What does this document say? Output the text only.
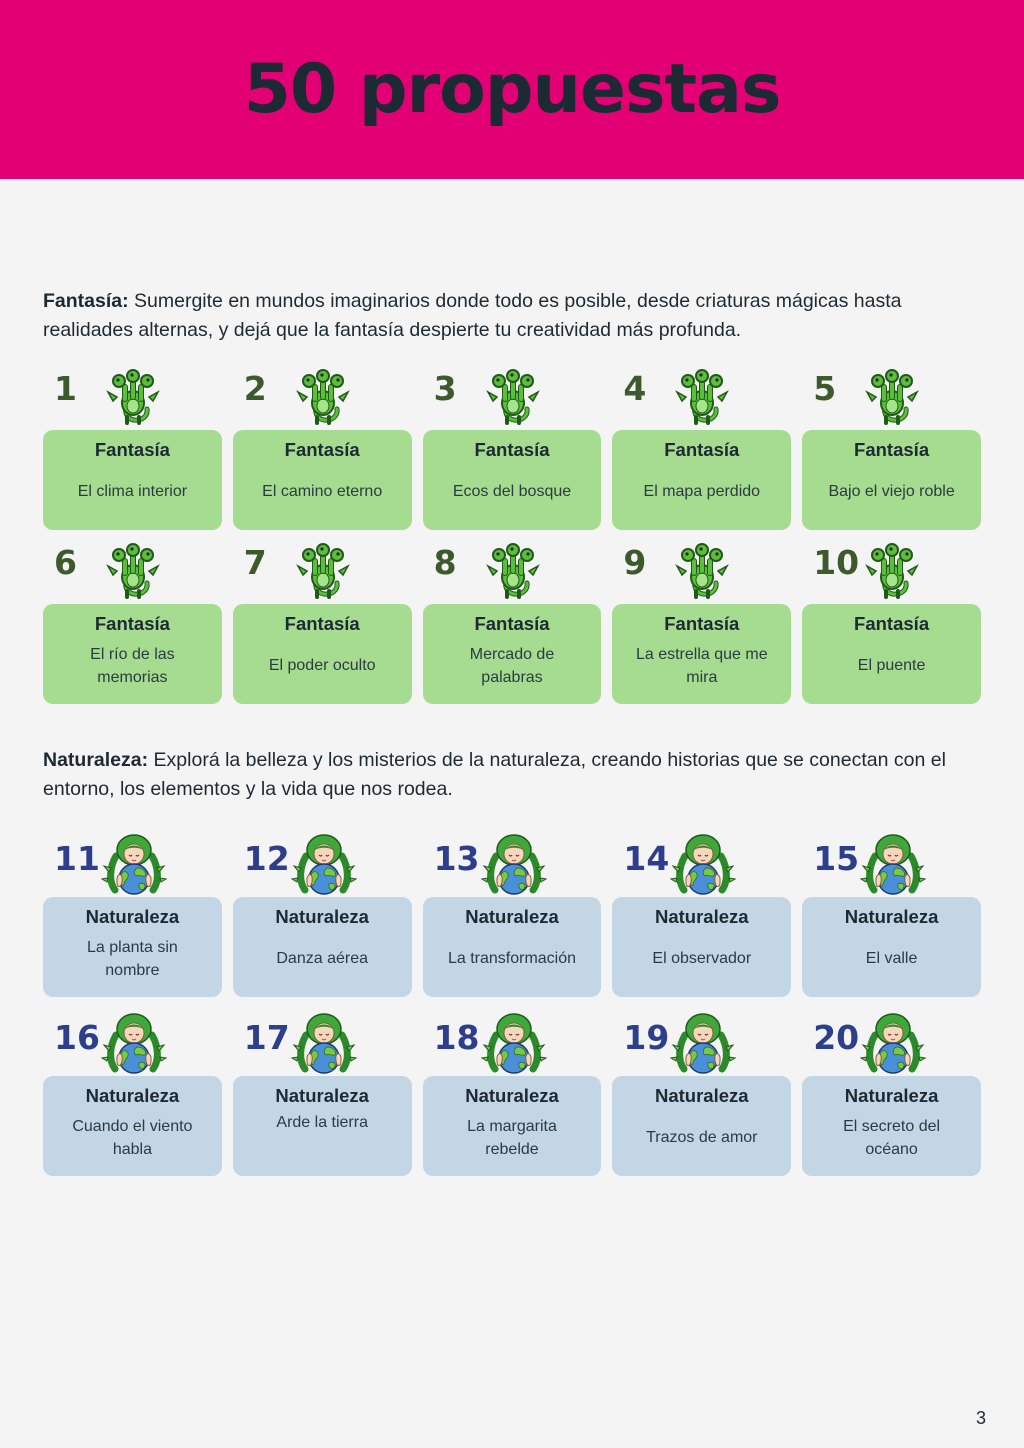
50 propuestas

Fantasía: Sumergite en mundos imaginarios donde todo es posible, desde criaturas mágicas hasta realidades alternas, y dejá que la fantasía despierte tu creatividad más profunda.

1
Fantasía
El clima interior
2
Fantasía
El camino eterno
3
Fantasía
Ecos del bosque
4
Fantasía
El mapa perdido
5
Fantasía
Bajo el viejo roble
6
Fantasía
El río de las memorias
7
Fantasía
El poder oculto
8
Fantasía
Mercado de palabras
9
Fantasía
La estrella que me mira
10
Fantasía
El puente

Naturaleza: Explorá la belleza y los misterios de la naturaleza, creando historias que se conectan con el entorno, los elementos y la vida que nos rodea.

11
Naturaleza
La planta sin nombre
12
Naturaleza
Danza aérea
13
Naturaleza
La transformación
14
Naturaleza
El observador
15
Naturaleza
El valle
16
Naturaleza
Cuando el viento habla
17
Naturaleza
Arde la tierra
18
Naturaleza
La margarita rebelde
19
Naturaleza
Trazos de amor
20
Naturaleza
El secreto del océano
3
